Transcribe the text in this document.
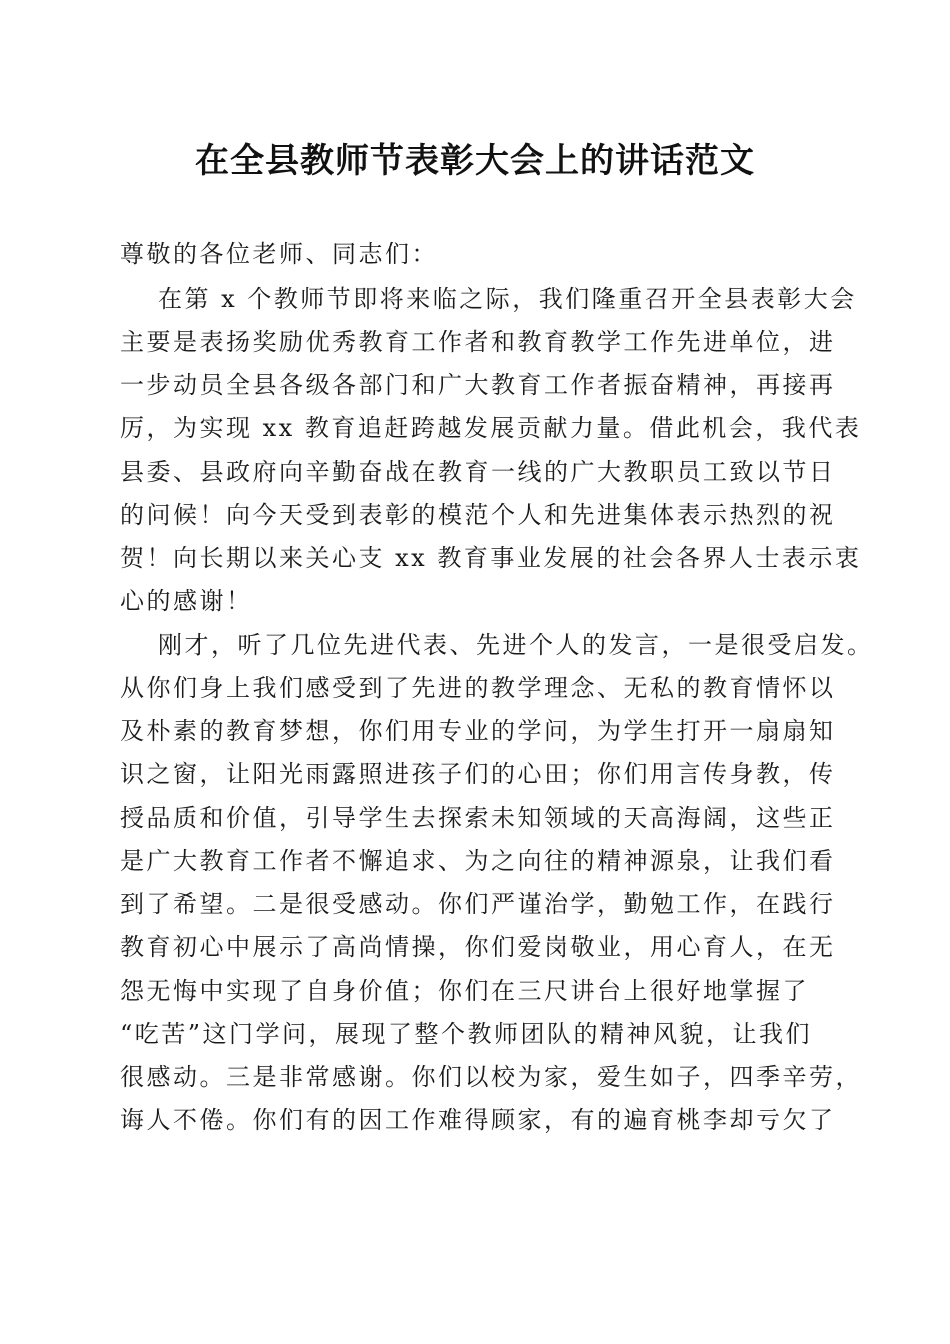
在全县教师节表彰大会上的讲话范文
尊敬的各位老师、同志们：
在第 x 个教师节即将来临之际，我们隆重召开全县表彰大会
主要是表扬奖励优秀教育工作者和教育教学工作先进单位，进
一步动员全县各级各部门和广大教育工作者振奋精神，再接再
厉，为实现 xx 教育追赶跨越发展贡献力量。借此机会，我代表
县委、县政府向辛勤奋战在教育一线的广大教职员工致以节日
的问候！向今天受到表彰的模范个人和先进集体表示热烈的祝
贺！向长期以来关心支 xx 教育事业发展的社会各界人士表示衷
心的感谢！
刚才，听了几位先进代表、先进个人的发言，一是很受启发。
从你们身上我们感受到了先进的教学理念、无私的教育情怀以
及朴素的教育梦想，你们用专业的学问，为学生打开一扇扇知
识之窗，让阳光雨露照进孩子们的心田；你们用言传身教，传
授品质和价值，引导学生去探索未知领域的天高海阔，这些正
是广大教育工作者不懈追求、为之向往的精神源泉，让我们看
到了希望。二是很受感动。你们严谨治学，勤勉工作，在践行
教育初心中展示了高尚情操，你们爱岗敬业，用心育人，在无
怨无悔中实现了自身价值；你们在三尺讲台上很好地掌握了
“吃苦”这门学问，展现了整个教师团队的精神风貌，让我们
很感动。三是非常感谢。你们以校为家，爱生如子，四季辛劳，
诲人不倦。你们有的因工作难得顾家，有的遍育桃李却亏欠了
